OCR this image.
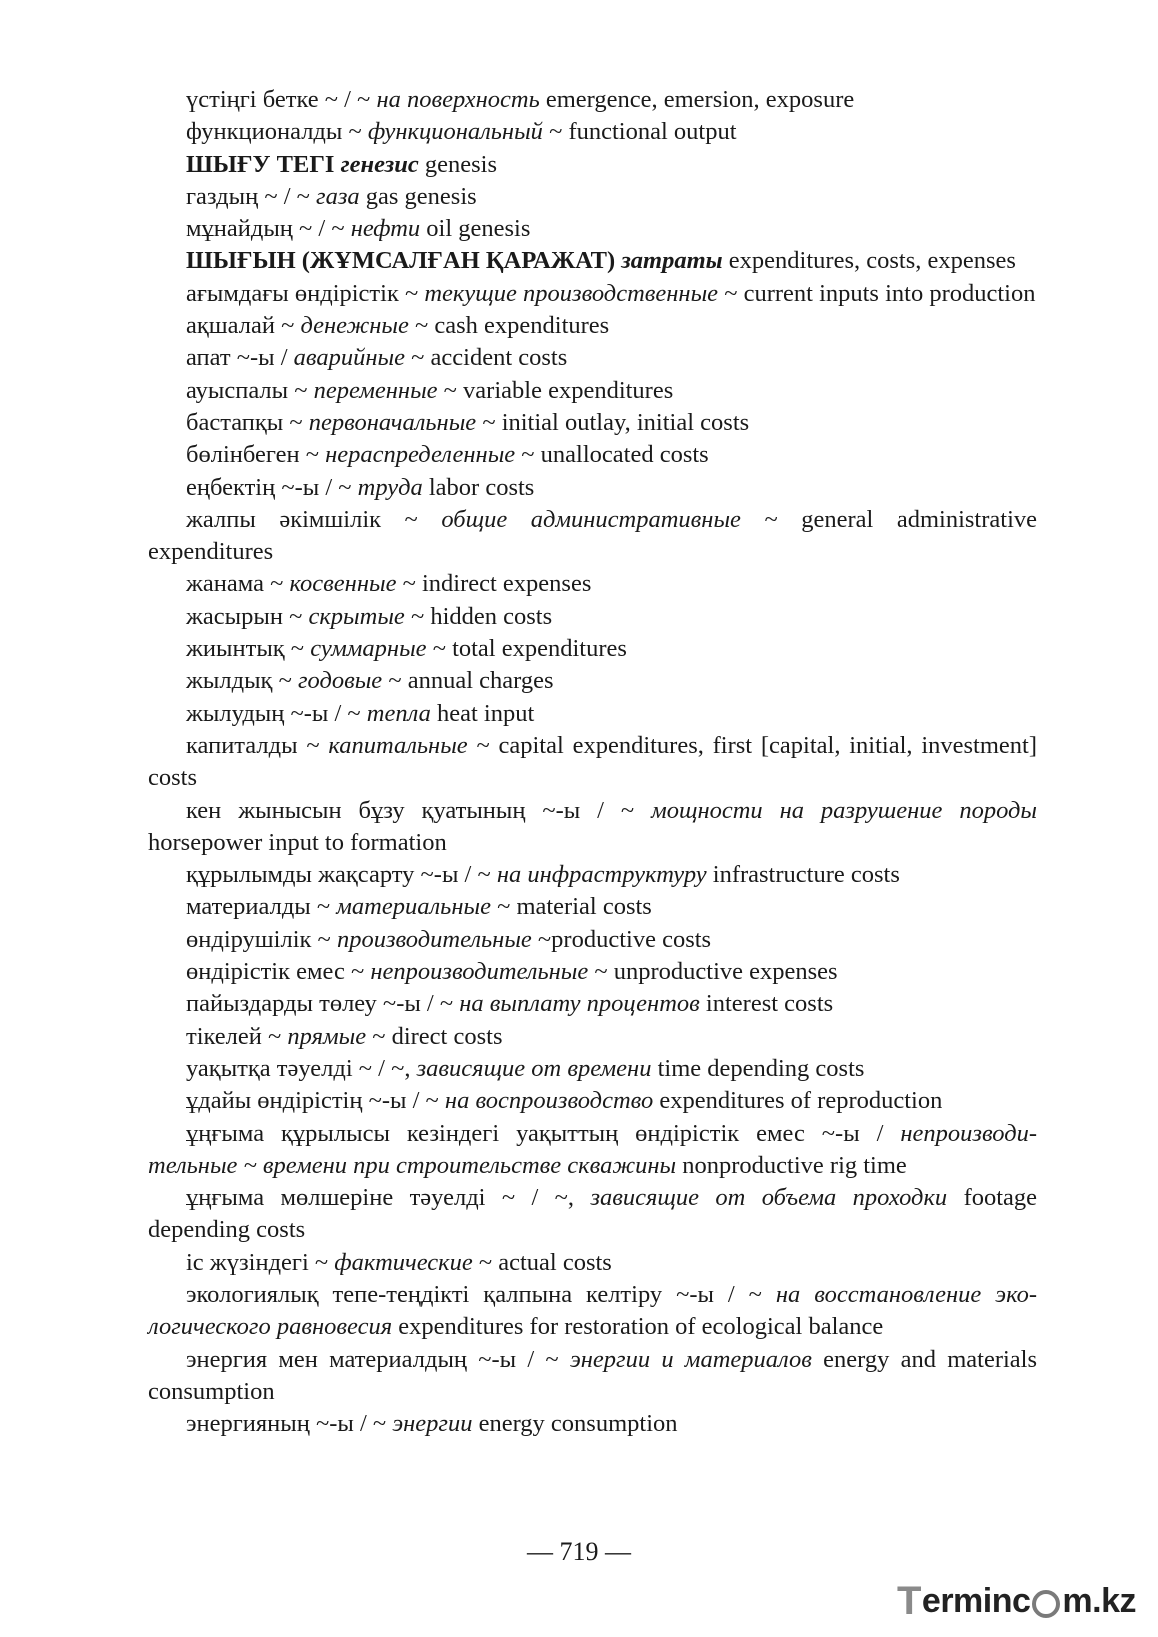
үстіңгі бетке ~ / ~ на поверхность emergence, emersion, exposure

функционалды ~ функциональный ~ functional output

ШЫҒУ ТЕГІ генезис genesis

газдың ~ / ~ газа gas genesis

мұнайдың ~ / ~ нефти oil genesis

ШЫҒЫН (ЖҰМСАЛҒАН ҚАРАЖАТ) затраты expenditures, costs, expenses

ағымдағы өндірістік ~ текущие производственные ~ current inputs into production

ақшалай ~ денежные ~ cash expenditures

апат ~-ы / аварийные ~ accident costs

ауыспалы ~ переменные ~ variable expenditures

бастапқы ~ первоначальные ~ initial outlay, initial costs

бөлінбеген ~ нераспределенные ~ unallocated costs

еңбектің ~-ы / ~ труда labor costs

жалпы әкімшілік ~ общие административные ~ general administrative expenditures

жанама ~ косвенные ~ indirect expenses

жасырын ~ скрытые ~ hidden costs

жиынтық ~ суммарные ~ total expenditures

жылдық ~ годовые ~ annual charges

жылудың ~-ы / ~ тепла heat input

капиталды ~ капитальные ~ capital expenditures, first [capital, initial, investment] costs

кен жынысын бұзу қуатының ~-ы / ~ мощности на разрушение породы horsepower input to formation

құрылымды жақсарту ~-ы / ~ на инфраструктуру infrastructure costs

материалды ~ материальные ~ material costs

өндірушілік ~ производительные ~productive costs

өндірістік емес ~ непроизводительные ~ unproductive expenses

пайыздарды төлеу ~-ы / ~ на выплату процентов interest costs

тікелей ~ прямые ~ direct costs

уақытқа тәуелді ~ / ~, зависящие от времени time depending costs

ұдайы өндірістің ~-ы / ~ на воспроизводство expenditures of reproduction

ұңғыма құрылысы кезіндегі уақыттың өндірістік емес ~-ы / непроизводи-тельные ~ времени при строительстве скважины nonproductive rig time

ұңғыма мөлшеріне тәуелді ~ / ~, зависящие от объема проходки footage depending costs

іс жүзіндегі ~ фактические ~ actual costs

экологиялық тепе-теңдікті қалпына келтіру ~-ы / ~ на восстановление эко-логического равновесия expenditures for restoration of ecological balance

энергия мен материалдың ~-ы / ~ энергии и материалов energy and materials consumption

энергияның ~-ы / ~ энергии energy consumption

— 719 —
T erminc m.kz
